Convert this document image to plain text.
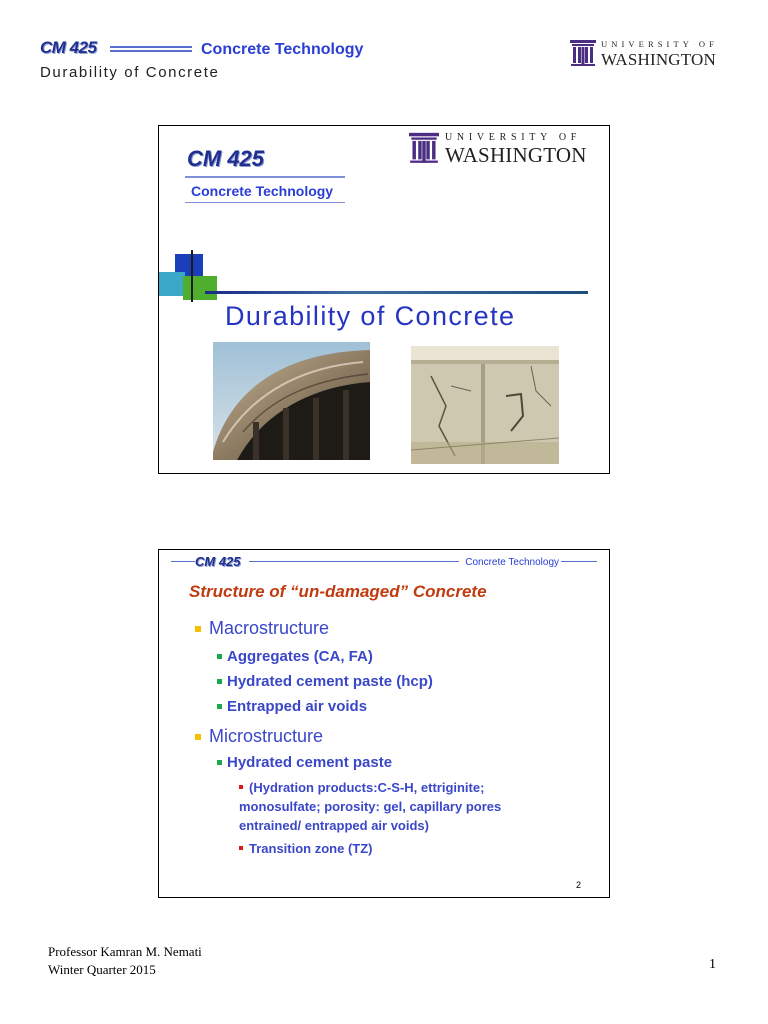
CM 425	Concrete Technology
Durability of Concrete
UNIVERSITY OF
WASHINGTON
CM 425
Concrete Technology
UNIVERSITY OF
WASHINGTON
Durability of Concrete
CM 425	Concrete Technology
Structure of “un-damaged” Concrete
Macrostructure
Aggregates (CA, FA)
Hydrated cement paste (hcp)
Entrapped air voids
Microstructure
Hydrated cement paste
(Hydration products:C-S-H, ettriginite;
monosulfate; porosity: gel, capillary pores
entrained/ entrapped air voids)
Transition zone (TZ)
2
Professor Kamran M. Nemati
Winter Quarter 2015	1
